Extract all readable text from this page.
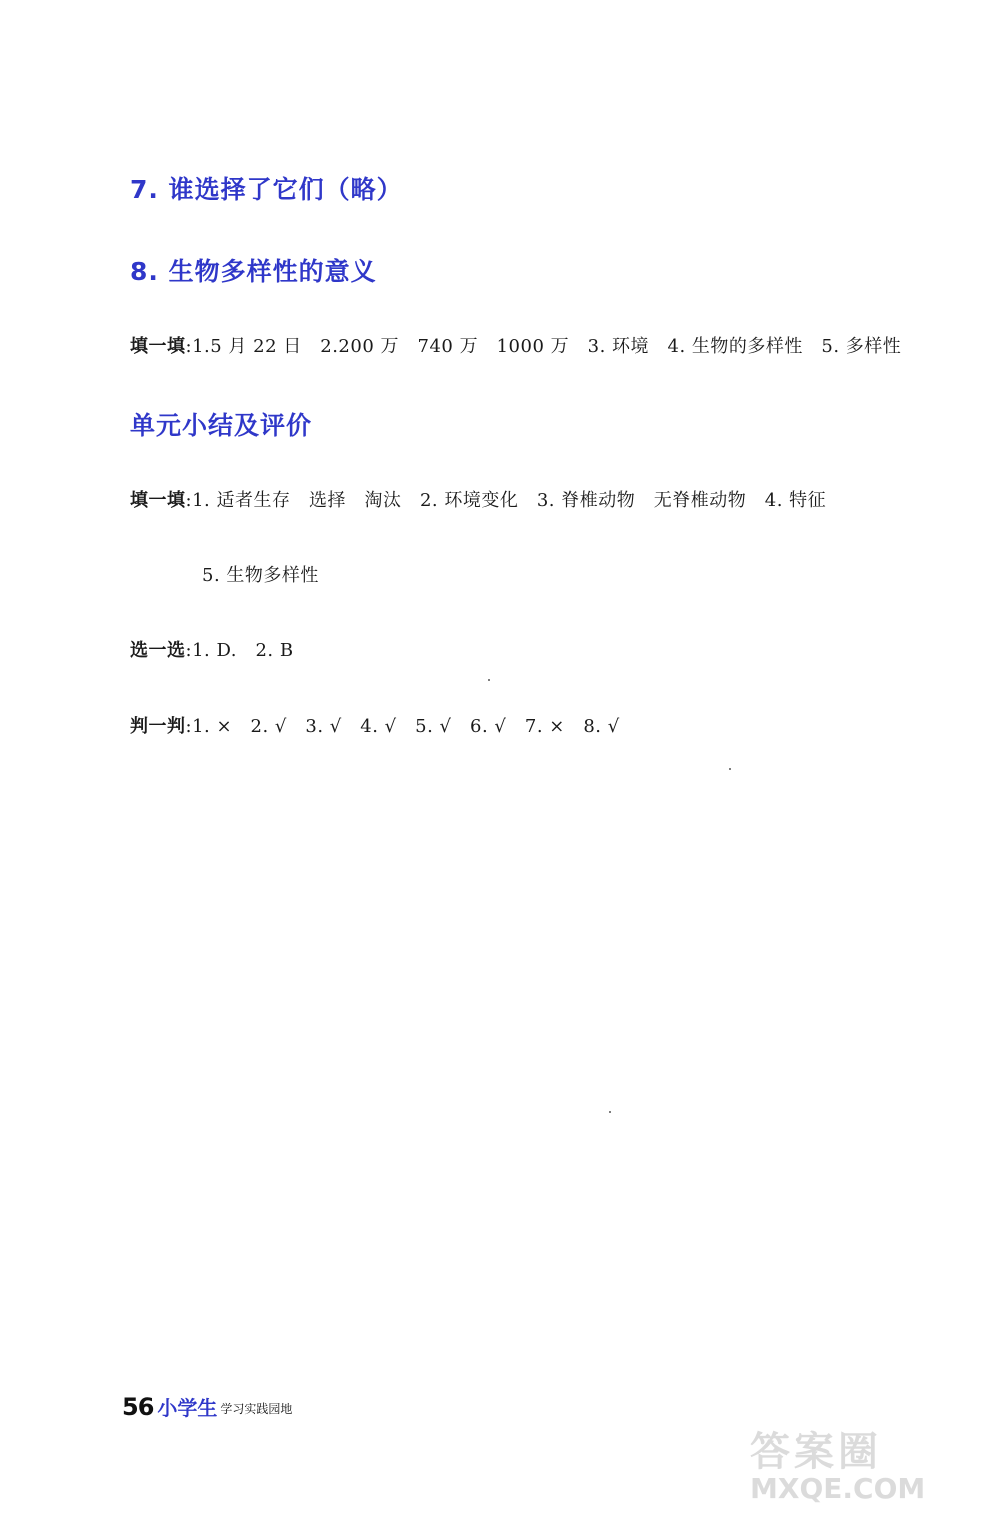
7. 谁选择了它们（略）
8. 生物多样性的意义

填一填:1.5 月 22 日　2.200 万　740 万　1000 万　3. 环境　4. 生物的多样性　5. 多样性

单元小结及评价

填一填:1. 适者生存　选择　淘汰　2. 环境变化　3. 脊椎动物　无脊椎动物　4. 特征

5. 生物多样性

选一选:1. D.　2. B

判一判:1. ×　2. √　3. √　4. √　5. √　6. √　7. ×　8. √

56 小学生 学习实践园地
答案圈
MXQE.COM
